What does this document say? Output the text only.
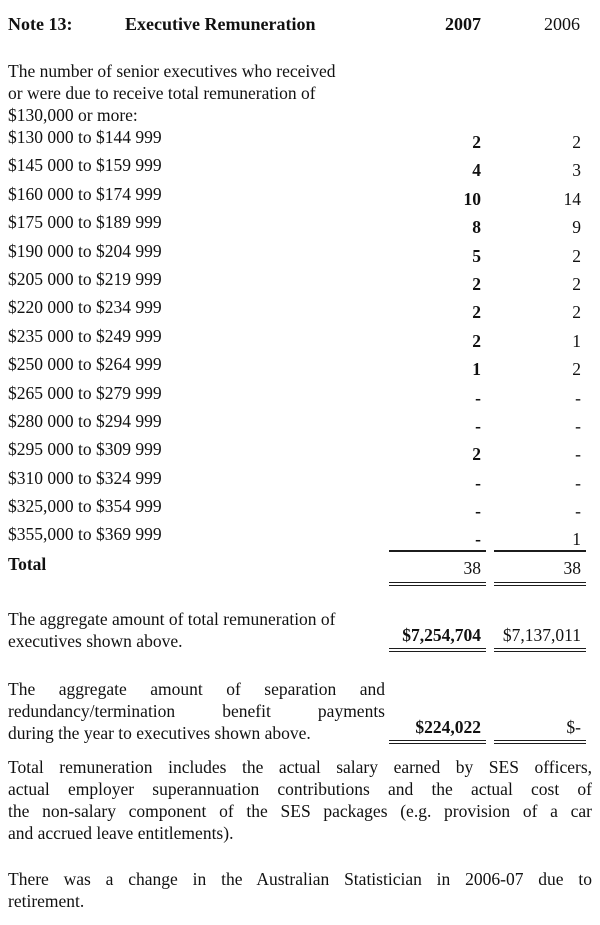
Note 13:	Executive Remuneration	2007	2006
The number of senior executives who received
or were due to receive total remuneration of
$130,000 or more:
$130 000 to $144 999	2	2
$145 000 to $159 999	4	3
$160 000 to $174 999	10	14
$175 000 to $189 999	8	9
$190 000 to $204 999	5	2
$205 000 to $219 999	2	2
$220 000 to $234 999	2	2
$235 000 to $249 999	2	1
$250 000 to $264 999	1	2
$265 000 to $279 999	-	-
$280 000 to $294 999	-	-
$295 000 to $309 999	2	-
$310 000 to $324 999	-	-
$325,000 to $354 999	-	-
$355,000 to $369 999	-	1
Total	38	38
The aggregate amount of total remuneration of
executives shown above.	$7,254,704	$7,137,011
The aggregate amount of separation and
redundancy/termination benefit payments
during the year to executives shown above.	$224,022	$-
Total remuneration includes the actual salary earned by SES officers,
actual employer superannuation contributions and the actual cost of
the non-salary component of the SES packages (e.g. provision of a car
and accrued leave entitlements).
There was a change in the Australian Statistician in 2006-07 due to
retirement.
